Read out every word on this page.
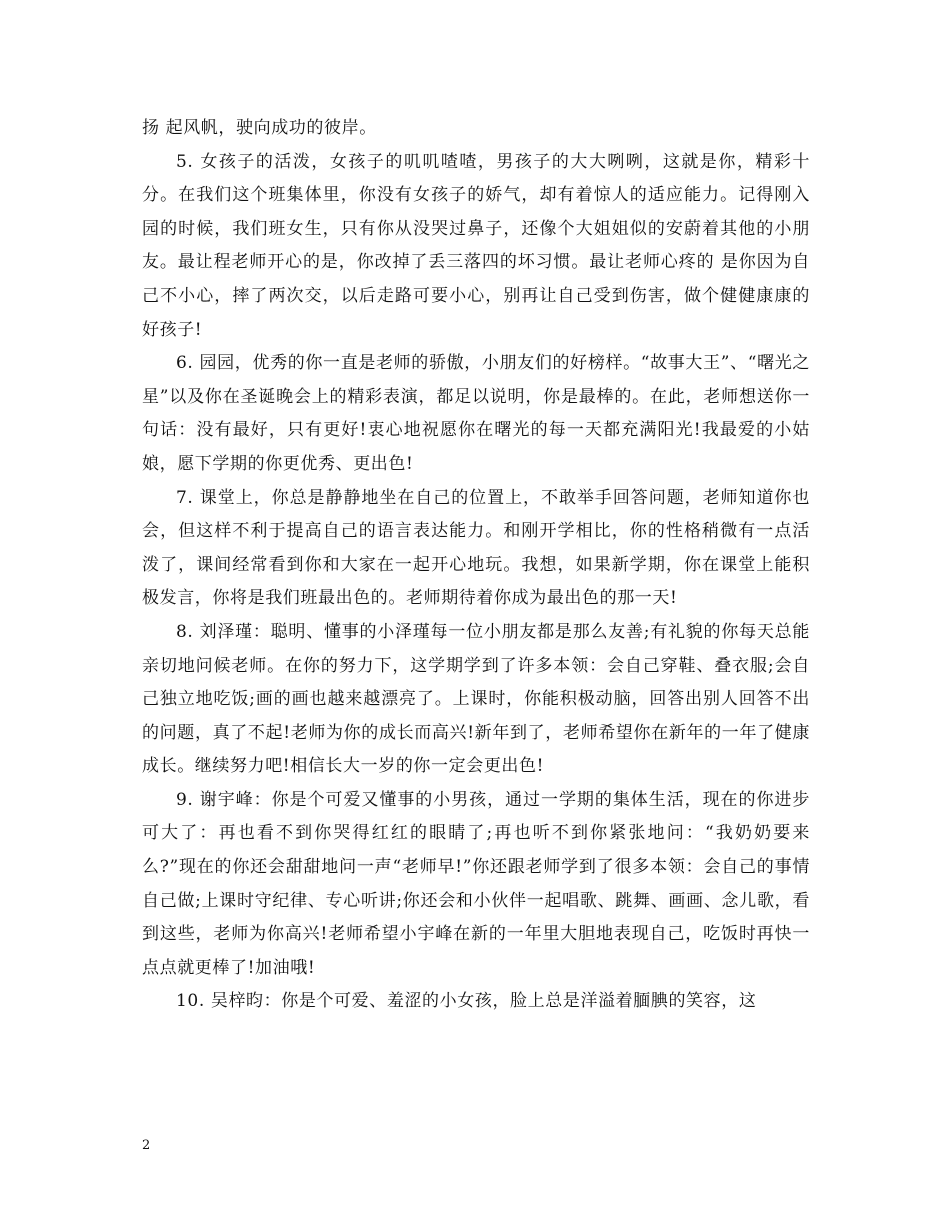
扬 起风帆，驶向成功的彼岸。

5. 女孩子的活泼，女孩子的叽叽喳喳，男孩子的大大咧咧，这就是你，精彩十分。在我们这个班集体里，你没有女孩子的娇气，却有着惊人的适应能力。记得刚入园的时候，我们班女生，只有你从没哭过鼻子，还像个大姐姐似的安蔚着其他的小朋友。最让程老师开心的是，你改掉了丢三落四的坏习惯。最让老师心疼的 是你因为自己不小心，摔了两次交，以后走路可要小心，别再让自己受到伤害，做个健健康康的好孩子!

6. 园园，优秀的你一直是老师的骄傲，小朋友们的好榜样。“故事大王”、“曙光之星”以及你在圣诞晚会上的精彩表演，都足以说明，你是最棒的。在此，老师想送你一句话：没有最好，只有更好!衷心地祝愿你在曙光的每一天都充满阳光!我最爱的小姑娘，愿下学期的你更优秀、更出色!

7. 课堂上，你总是静静地坐在自己的位置上，不敢举手回答问题，老师知道你也会，但这样不利于提高自己的语言表达能力。和刚开学相比，你的性格稍微有一点活泼了，课间经常看到你和大家在一起开心地玩。我想，如果新学期，你在课堂上能积极发言，你将是我们班最出色的。老师期待着你成为最出色的那一天!

8. 刘泽瑾：聪明、懂事的小泽瑾每一位小朋友都是那么友善;有礼貌的你每天总能亲切地问候老师。在你的努力下，这学期学到了许多本领：会自己穿鞋、叠衣服;会自己独立地吃饭;画的画也越来越漂亮了。上课时，你能积极动脑，回答出别人回答不出的问题，真了不起!老师为你的成长而高兴!新年到了，老师希望你在新年的一年了健康成长。继续努力吧!相信长大一岁的你一定会更出色!

9. 谢宇峰：你是个可爱又懂事的小男孩，通过一学期的集体生活，现在的你进步可大了：再也看不到你哭得红红的眼睛了;再也听不到你紧张地问：“我奶奶要来么?”现在的你还会甜甜地问一声“老师早!”你还跟老师学到了很多本领：会自己的事情自己做;上课时守纪律、专心听讲;你还会和小伙伴一起唱歌、跳舞、画画、念儿歌，看到这些，老师为你高兴!老师希望小宇峰在新的一年里大胆地表现自己，吃饭时再快一点点就更棒了!加油哦!

10. 吴梓昀：你是个可爱、羞涩的小女孩，脸上总是洋溢着腼腆的笑容，这

2
